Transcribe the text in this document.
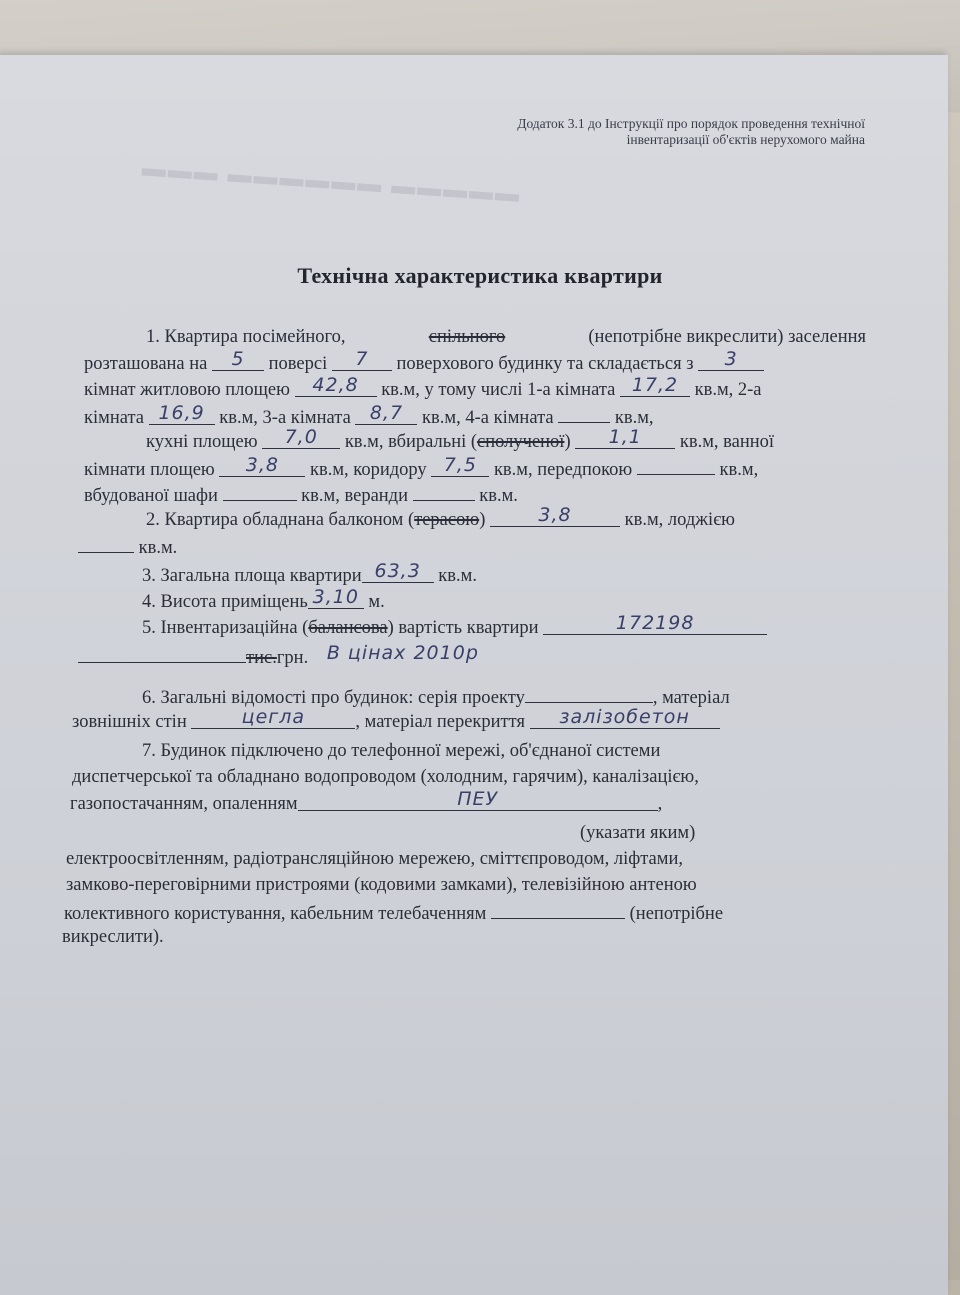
▬▬▬ ▬▬▬▬▬▬ ▬▬▬▬▬
Додаток 3.1 до Інструкції про порядок проведення технічної
інвентаризації об'єктів нерухомого майна
Технічна характеристика квартири
1. Квартира посімейного,	спільного	(непотрібне викреслити) заселення
розташована на 5 поверсі 7 поверхового будинку та складається з 3
кімнат житловою площею 42,8 кв.м, у тому числі 1-а кімната 17,2 кв.м, 2-а
кімната 16,9 кв.м, 3-а кімната 8,7 кв.м, 4-а кімната	кв.м,
кухні площею 7,0 кв.м, вбиральні (сполученої) 1,1 кв.м, ванної
кімнати площею 3,8 кв.м, коридору 7,5 кв.м, передпокою	кв.м,
вбудованої шафи	кв.м, веранди	кв.м.
2. Квартира обладнана балконом (терасою)	3,8	кв.м, лоджією
кв.м.
3. Загальна площа квартири 63,3 кв.м.
4. Висота приміщень 3,10 м.
5. Інвентаризаційна (балансова) вартість квартири	172198
тис.грн. В цінах 2010р
6. Загальні відомості про будинок: серія проекту	, матеріал
зовнішніх стін	цегла	, матеріал перекриття залізобетон
7. Будинок підключено до телефонної мережі, об'єднаної системи
диспетчерської та обладнано водопроводом (холодним, гарячим), каналізацією,
газопостачанням, опаленням	ПЕУ	,
(указати яким)
електроосвітленням, радіотрансляційною мережею, сміттєпроводом, ліфтами,
замково-переговірними пристроями (кодовими замками), телевізійною антеною
колективного користування, кабельним телебаченням	(непотрібне
викреслити).
